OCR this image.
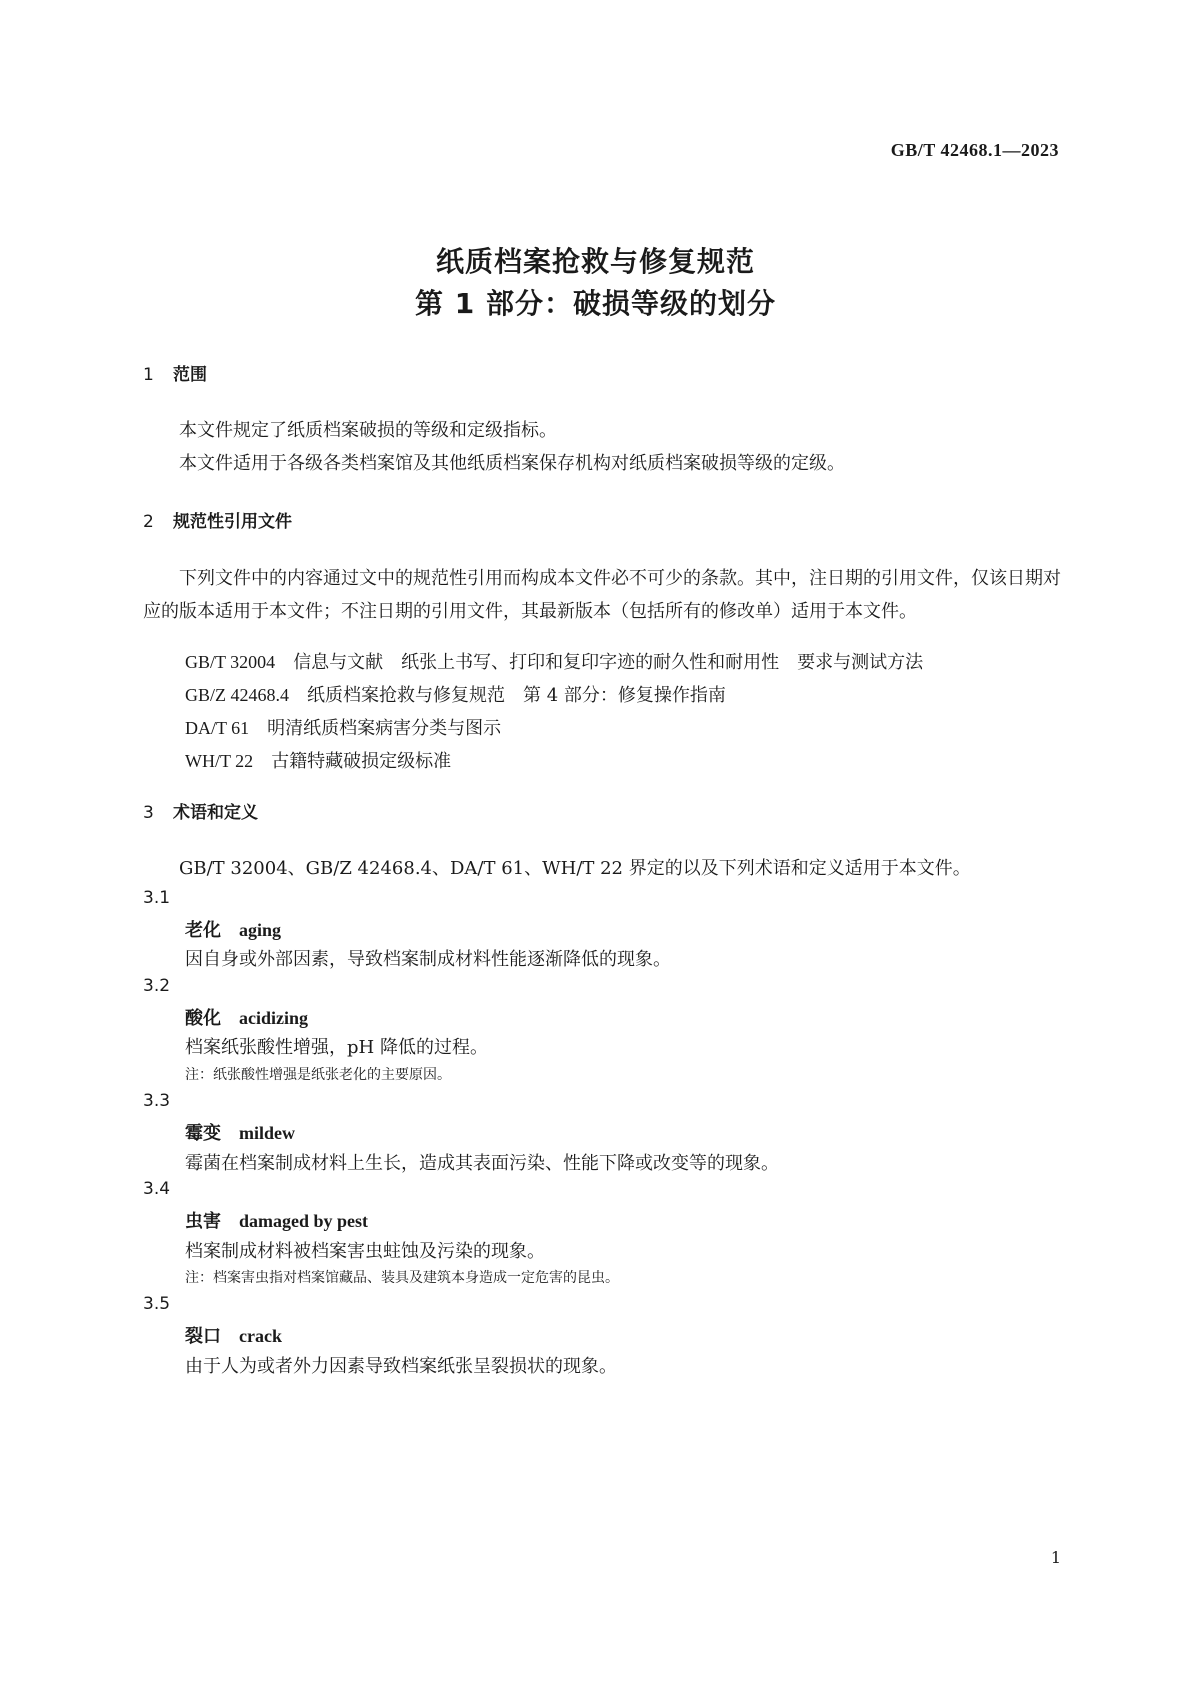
GB/T 42468.1—2023
纸质档案抢救与修复规范
第 1 部分：破损等级的划分
1 范围

本文件规定了纸质档案破损的等级和定级指标。

本文件适用于各级各类档案馆及其他纸质档案保存机构对纸质档案破损等级的定级。

2 规范性引用文件

下列文件中的内容通过文中的规范性引用而构成本文件必不可少的条款。其中，注日期的引用文件，仅该日期对应的版本适用于本文件；不注日期的引用文件，其最新版本（包括所有的修改单）适用于本文件。

GB/T 32004 信息与文献　纸张上书写、打印和复印字迹的耐久性和耐用性　要求与测试方法
GB/Z 42468.4 纸质档案抢救与修复规范　第 4 部分：修复操作指南
DA/T 61 明清纸质档案病害分类与图示
WH/T 22 古籍特藏破损定级标准
3 术语和定义

GB/T 32004、GB/Z 42468.4、DA/T 61、WH/T 22 界定的以及下列术语和定义适用于本文件。

3.1
老化 aging
因自身或外部因素，导致档案制成材料性能逐渐降低的现象。
3.2
酸化 acidizing
档案纸张酸性增强，pH 降低的过程。
注：纸张酸性增强是纸张老化的主要原因。
3.3
霉变 mildew
霉菌在档案制成材料上生长，造成其表面污染、性能下降或改变等的现象。
3.4
虫害 damaged by pest
档案制成材料被档案害虫蛀蚀及污染的现象。
注：档案害虫指对档案馆藏品、装具及建筑本身造成一定危害的昆虫。
3.5
裂口 crack
由于人为或者外力因素导致档案纸张呈裂损状的现象。
1
